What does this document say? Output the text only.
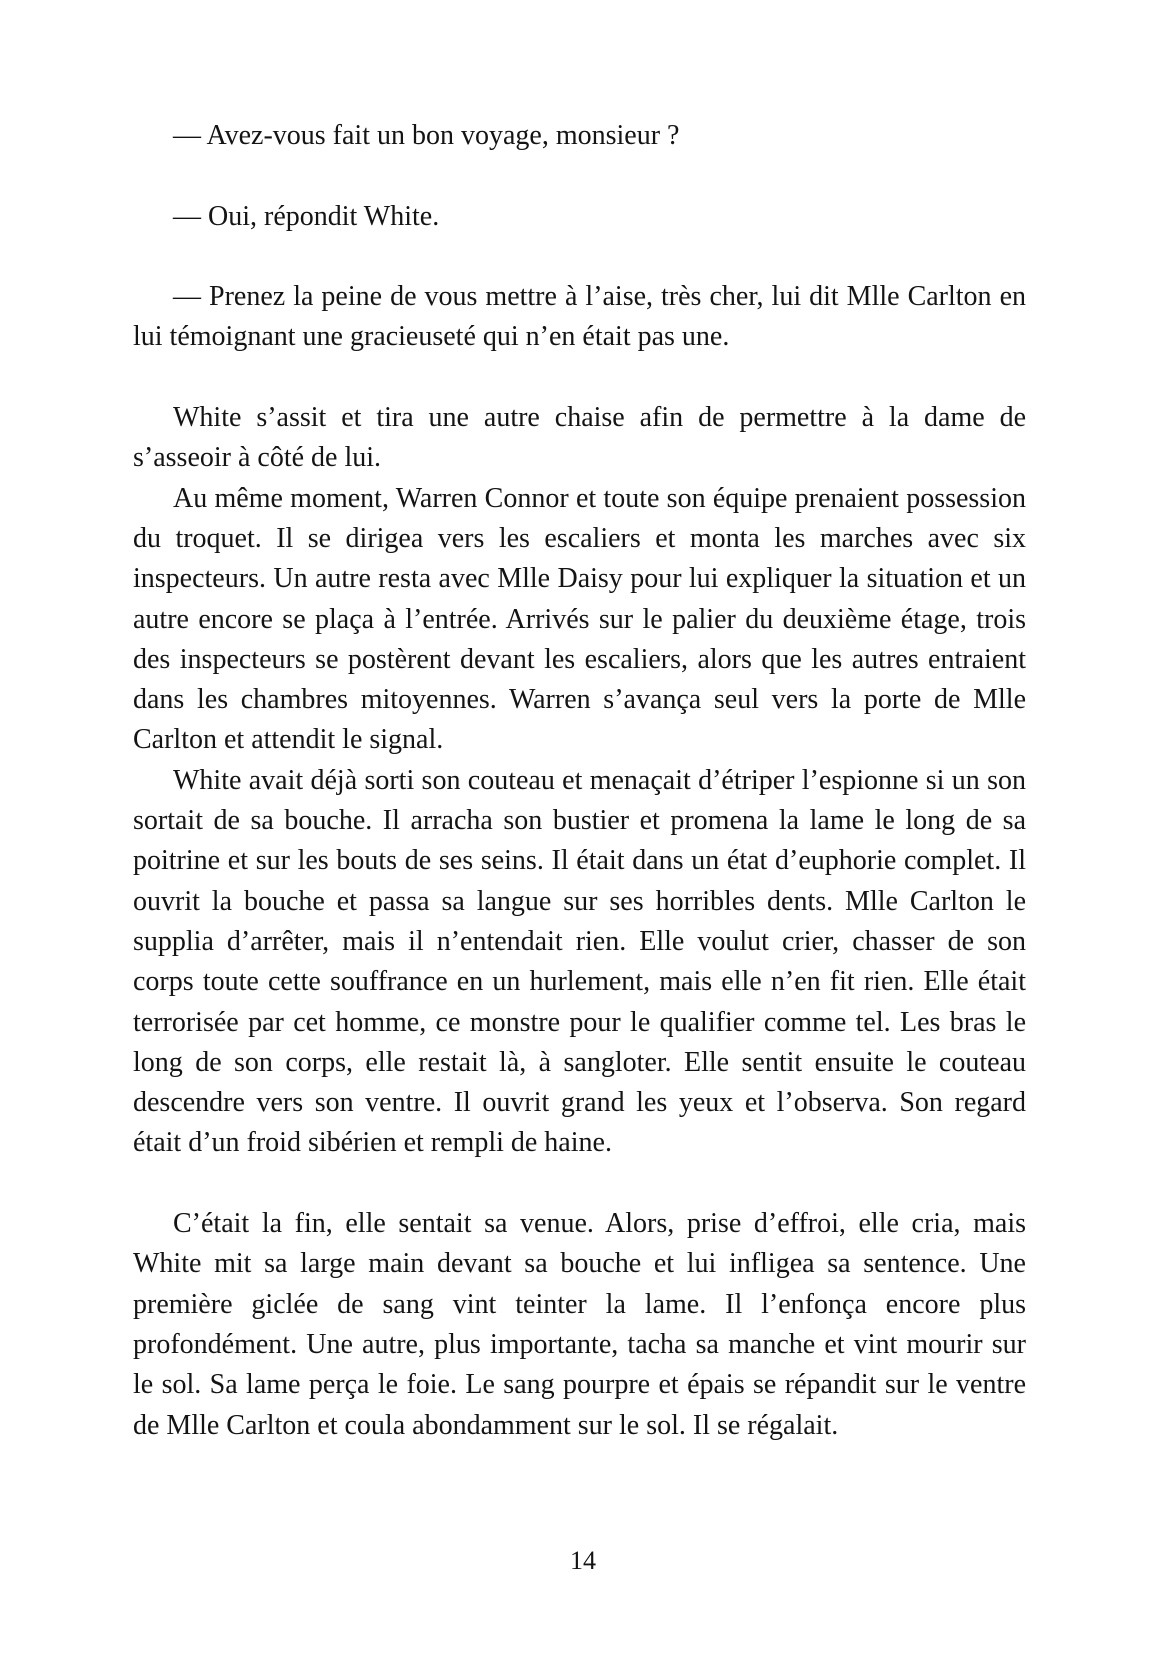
— Avez-vous fait un bon voyage, monsieur ?

— Oui, répondit White.

— Prenez la peine de vous mettre à l’aise, très cher, lui dit Mlle Carlton en lui témoignant une gracieuseté qui n’en était pas une.

White s’assit et tira une autre chaise afin de permettre à la dame de s’asseoir à côté de lui.

Au même moment, Warren Connor et toute son équipe prenaient possession du troquet. Il se dirigea vers les escaliers et monta les marches avec six inspecteurs. Un autre resta avec Mlle Daisy pour lui expliquer la situation et un autre encore se plaça à l’entrée. Arrivés sur le palier du deuxième étage, trois des inspecteurs se postèrent devant les escaliers, alors que les autres entraient dans les chambres mitoyennes. Warren s’avança seul vers la porte de Mlle Carlton et attendit le signal.

White avait déjà sorti son couteau et menaçait d’étriper l’espionne si un son sortait de sa bouche. Il arracha son bustier et promena la lame le long de sa poitrine et sur les bouts de ses seins. Il était dans un état d’euphorie complet. Il ouvrit la bouche et passa sa langue sur ses horribles dents. Mlle Carlton le supplia d’arrêter, mais il n’entendait rien. Elle voulut crier, chasser de son corps toute cette souffrance en un hurlement, mais elle n’en fit rien. Elle était terrorisée par cet homme, ce monstre pour le qualifier comme tel. Les bras le long de son corps, elle restait là, à sangloter. Elle sentit ensuite le couteau descendre vers son ventre. Il ouvrit grand les yeux et l’observa. Son regard était d’un froid sibérien et rempli de haine.

C’était la fin, elle sentait sa venue. Alors, prise d’effroi, elle cria, mais White mit sa large main devant sa bouche et lui infligea sa sentence. Une première giclée de sang vint teinter la lame. Il l’enfonça encore plus profondément. Une autre, plus importante, tacha sa manche et vint mourir sur le sol. Sa lame perça le foie. Le sang pourpre et épais se répandit sur le ventre de Mlle Carlton et coula abondamment sur le sol. Il se régalait.

14
